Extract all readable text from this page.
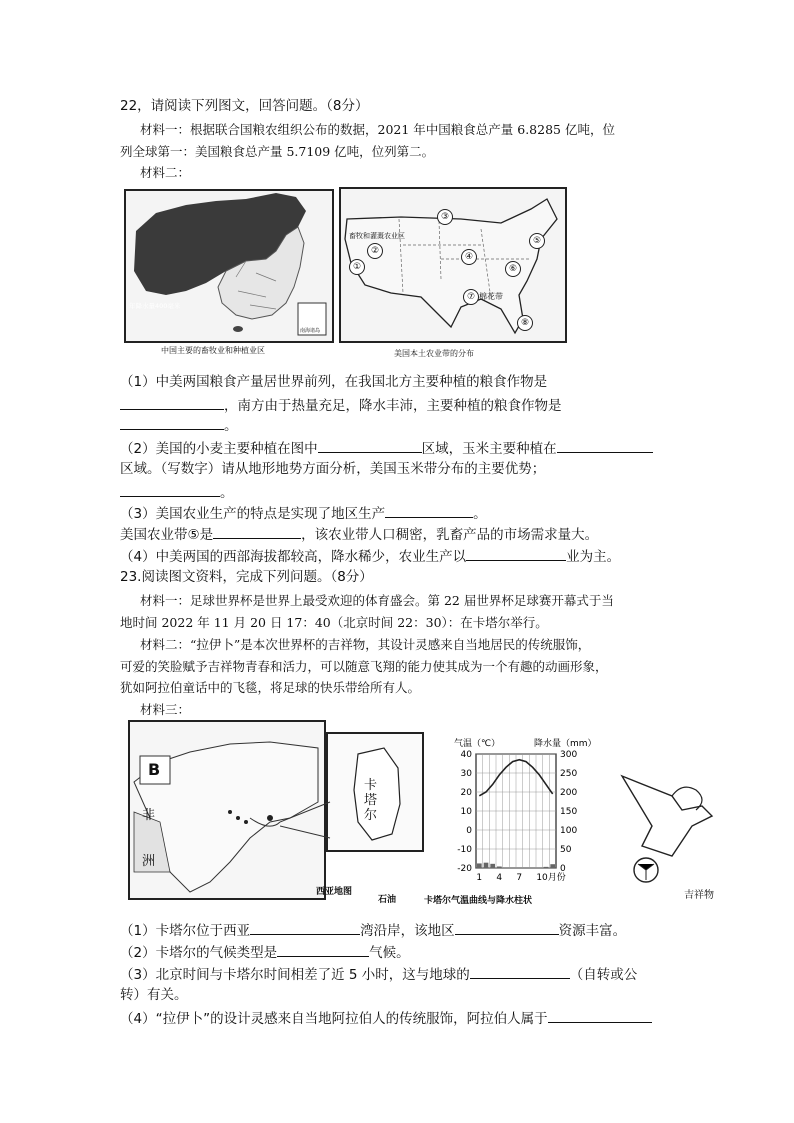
22，请阅读下列图文，回答问题。（8分）
材料一：根据联合国粮农组织公布的数据，2021 年中国粮食总产量 6.8285 亿吨，位
列全球第一：美国粮食总产量 5.7109 亿吨，位列第二。
材料二：
年降水量400毫米
南海诸岛
中国主要的畜牧业和种植业区
畜牧和灌溉农业区
棉花带
①
②
③
④
⑤
⑥
⑦
⑧
美国本土农业带的分布
（1）中美两国粮食产量居世界前列，在我国北方主要种植的粮食作物是
，南方由于热量充足，降水丰沛，主要种植的粮食作物是
。
（2）美国的小麦主要种植在图中	区域，玉米主要种植在
区域。（写数字）请从地形地势方面分析，美国玉米带分布的主要优势；
。
（3）美国农业生产的特点是实现了地区生产	。
美国农业带⑤是	，该农业带人口稠密，乳畜产品的市场需求量大。
（4）中美两国的西部海拔都较高，降水稀少，农业生产以	业为主。
23.阅读图文资料，完成下列问题。（8分）
材料一：足球世界杯是世界上最受欢迎的体育盛会。第 22 届世界杯足球赛开幕式于当
地时间 2022 年 11 月 20 日 17：40（北京时间 22：30）：在卡塔尔举行。
材料二：“拉伊卜”是本次世界杯的吉祥物，其设计灵感来自当地居民的传统服饰，
可爱的笑脸赋予吉祥物青春和活力，可以随意飞翔的能力使其成为一个有趣的动画形象，
犹如阿拉伯童话中的飞毯，将足球的快乐带给所有人。
材料三：
B
非
洲
卡塔尔
西亚地图
石油
气温（℃）	降水量（mm）
40
30
20
10
0
-10
-20
300
250
200
150
100
50
0
1 4 7 10月份
卡塔尔气温曲线与降水柱状	吉祥物
（1）卡塔尔位于西亚	湾沿岸，该地区	资源丰富。
（2）卡塔尔的气候类型是	气候。
（3）北京时间与卡塔尔时间相差了近 5 小时，这与地球的	（自转或公
转）有关。
（4）“拉伊卜”的设计灵感来自当地阿拉伯人的传统服饰，阿拉伯人属于
